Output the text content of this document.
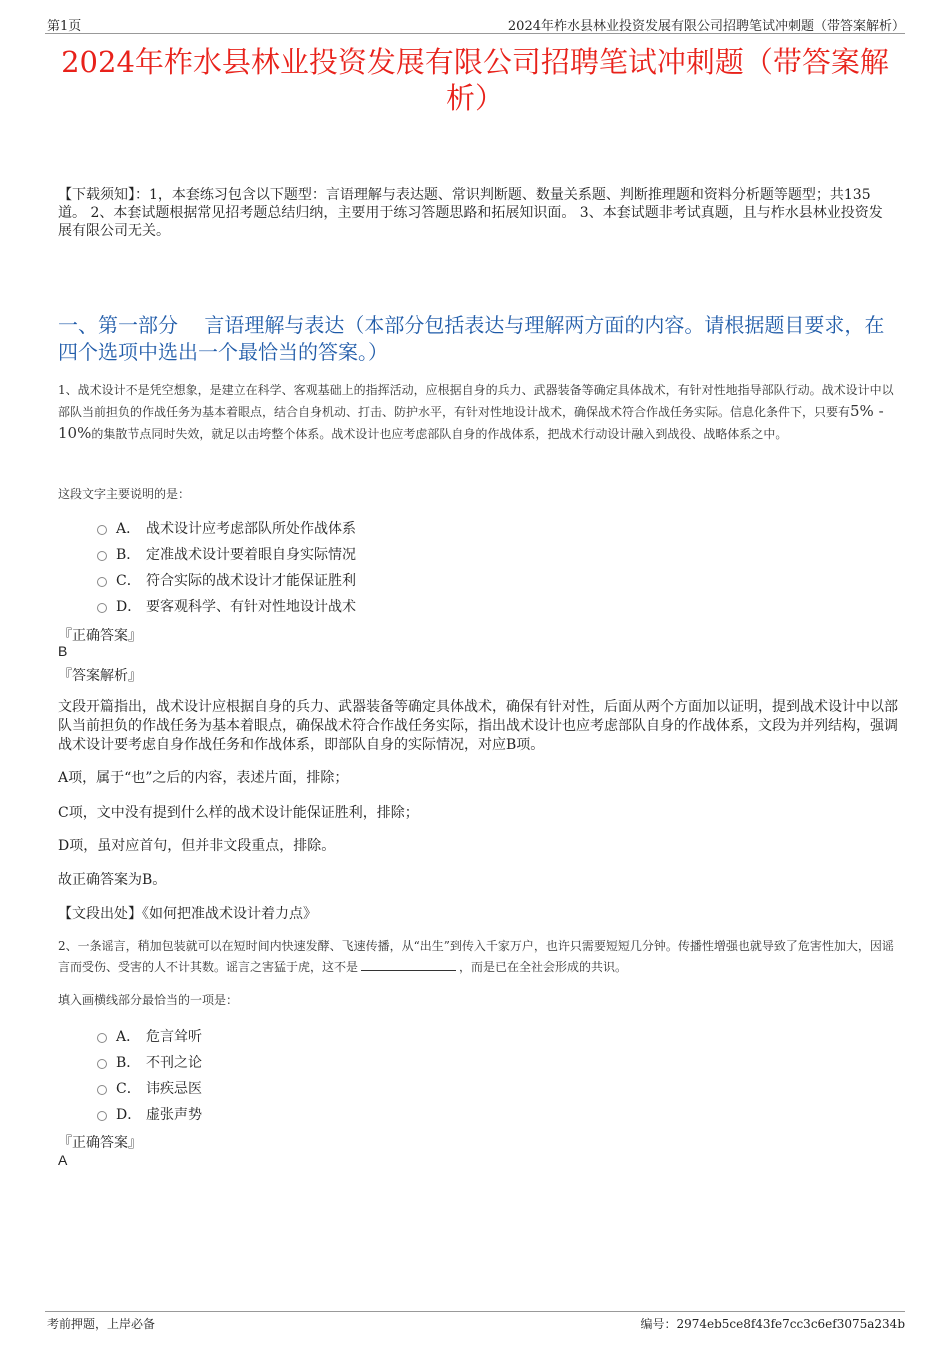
第1页	2024年柞水县林业投资发展有限公司招聘笔试冲刺题（带答案解析）
2024年柞水县林业投资发展有限公司招聘笔试冲刺题（带答案解析）
【下载须知】：1，本套练习包含以下题型：言语理解与表达题、常识判断题、数量关系题、判断推理题和资料分析题等题型；共135道。 2、本套试题根据常见招考题总结归纳，主要用于练习答题思路和拓展知识面。 3、本套试题非考试真题，且与柞水县林业投资发展有限公司无关。
一、第一部分　 言语理解与表达（本部分包括表达与理解两方面的内容。请根据题目要求，在四个选项中选出一个最恰当的答案。）
1、战术设计不是凭空想象，是建立在科学、客观基础上的指挥活动，应根据自身的兵力、武器装备等确定具体战术，有针对性地指导部队行动。战术设计中以部队当前担负的作战任务为基本着眼点，结合自身机动、打击、防护水平，有针对性地设计战术，确保战术符合作战任务实际。信息化条件下，只要有5% - 10%的集散节点同时失效，就足以击垮整个体系。战术设计也应考虑部队自身的作战体系，把战术行动设计融入到战役、战略体系之中。
这段文字主要说明的是：
A． 战术设计应考虑部队所处作战体系
B． 定准战术设计要着眼自身实际情况
C． 符合实际的战术设计才能保证胜利
D． 要客观科学、有针对性地设计战术
『正确答案』
B
『答案解析』
文段开篇指出，战术设计应根据自身的兵力、武器装备等确定具体战术，确保有针对性，后面从两个方面加以证明，提到战术设计中以部队当前担负的作战任务为基本着眼点，确保战术符合作战任务实际，指出战术设计也应考虑部队自身的作战体系，文段为并列结构，强调战术设计要考虑自身作战任务和作战体系，即部队自身的实际情况，对应B项。
A项，属于“也”之后的内容，表述片面，排除；
C项，文中没有提到什么样的战术设计能保证胜利，排除；
D项，虽对应首句，但并非文段重点，排除。
故正确答案为B。
【文段出处】《如何把准战术设计着力点》
2、一条谣言，稍加包装就可以在短时间内快速发酵、飞速传播，从“出生”到传入千家万户，也许只需要短短几分钟。传播性增强也就导致了危害性加大，因谣言而受伤、受害的人不计其数。谣言之害猛于虎，这不是	，而是已在全社会形成的共识。
填入画横线部分最恰当的一项是：
A． 危言耸听
B． 不刊之论
C． 讳疾忌医
D． 虚张声势
『正确答案』
A
考前押题，上岸必备	编号：2974eb5ce8f43fe7cc3c6ef3075a234b
